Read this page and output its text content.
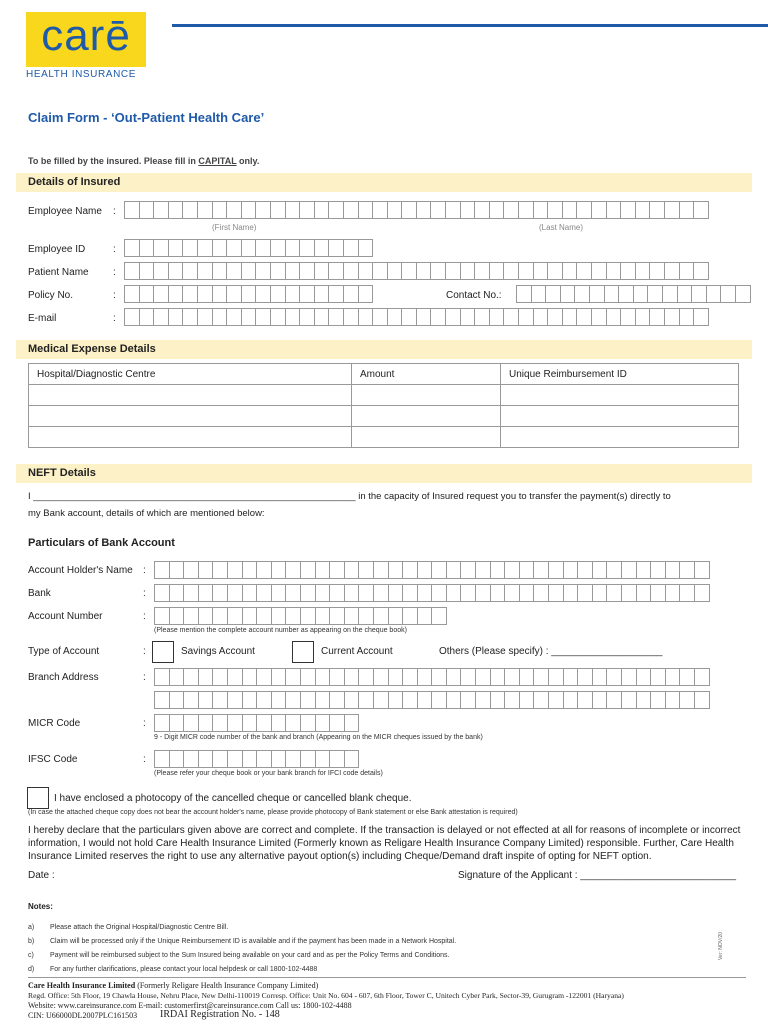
carē
HEALTH INSURANCE
Claim Form - ‘Out-Patient Health Care’
To be filled by the insured. Please fill in CAPITAL only.
Details of Insured
Employee Name :
(First Name)	(Last Name)
Employee ID	:
Patient Name :
Policy No.	:	Contact No.:
E-mail	:
Medical Expense Details
Hospital/Diagnostic Centre	Amount	Unique Reimbursement ID

NEFT Details
I _____________________________________________________________ in the capacity of Insured request you to transfer the payment(s) directly to
my Bank account, details of which are mentioned below:
Particulars of Bank Account
Account Holder's Name :
Bank	:
Account Number	:
(Please mention the complete account number as appearing on the cheque book)
Type of Account	:	Savings Account	Current Account	Others (Please specify) : ____________________
Branch Address	:
MICR Code	:
9 - Digit MICR code number of the bank and branch (Appearing on the MICR cheques issued by the bank)
IFSC Code	:
(Please refer your cheque book or your bank branch for IFCI code details)
I have enclosed a photocopy of the cancelled cheque or cancelled blank cheque.
(In case the attached cheque copy does not bear the account holder's name, please provide photocopy of Bank statement or else Bank attestation is required)
I hereby declare that the particulars given above are correct and complete. If the transaction is delayed or not effected at all for reasons of incomplete or incorrect information, I would not hold Care Health Insurance Limited (Formerly known as Religare Health Insurance Company Limited) responsible. Further, Care Health Insurance Limited reserves the right to use any alternative payout option(s) including Cheque/Demand draft inspite of opting for NEFT option.
Date :	Signature of the Applicant : ____________________________
Notes:
a) Please attach the Original Hospital/Diagnostic Centre Bill.
b) Claim will be processed only if the Unique Reimbursement ID is available and if the payment has been made in a Network Hospital.
c) Payment will be reimbursed subject to the Sum Insured being available on your card and as per the Policy Terms and Conditions.
d) For any further clarifications, please contact your local helpdesk or call 1800-102-4488
Ver: NOV/20
Care Health Insurance Limited (Formerly Religare Health Insurance Company Limited)
Regd. Office: 5th Floor, 19 Chawla House, Nehru Place, New Delhi-110019 Corresp. Office: Unit No. 604 - 607, 6th Floor, Tower C, Unitech Cyber Park, Sector-39, Gurugram -122001 (Haryana)
Website: www.careinsurance.com E-mail: customerfirst@careinsurance.com Call us: 1800-102-4488
CIN: U66000DL2007PLC161503 IRDAI Registration No. - 148
